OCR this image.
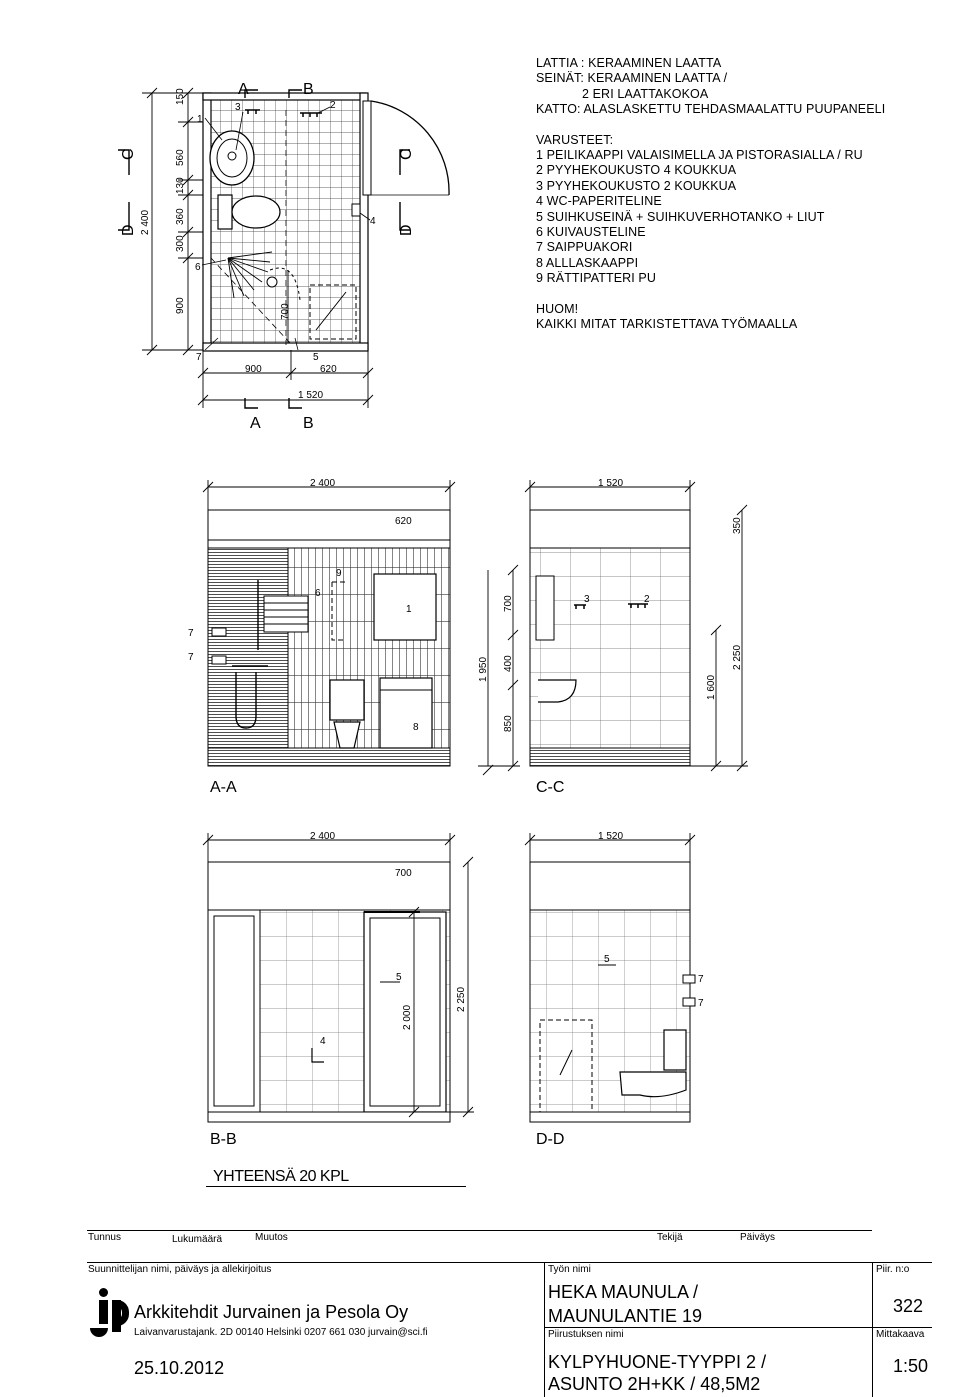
A	B
A	B
C
D
C
D
150
560
130
360
300
900
2 400
900	620
1 520
700
1
3	2
4
6
7	5
LATTIA : KERAAMINEN LAATTA
SEINÄT: KERAAMINEN LAATTA /
2 ERI LAATTAKOKOA
KATTO: ALASLASKETTU TEHDASMAALATTU PUUPANEELI
VARUSTEET:
1 PEILIKAAPPI VALAISIMELLA JA PISTORASIALLA / RU
2 PYYHEKOUKUSTO 4 KOUKKUA
3 PYYHEKOUKUSTO 2 KOUKKUA
4 WC-PAPERITELINE
5 SUIHKUSEINÄ + SUIHKUVERHOTANKO + LIUT
6 KUIVAUSTELINE
7 SAIPPUAKORI
8 ALLLASKAAPPI
9 RÄTTIPATTERI PU
HUOM!
KAIKKI MITAT TARKISTETTAVA TYÖMAALLA
2 400	1 520
620	350
1 950
700
400
850
1 600
2 250
1
9
6
7
7
8
3	2
A-A	C-C
2 400	1 520
700
2 000
2 250
5
5
4
7
7
B-B	D-D
YHTEENSÄ 20 KPL
Tunnus	Lukumäärä	Muutos	Tekijä	Päiväys
Suunnittelijan nimi, päiväys ja allekirjoitus
Arkkitehdit Jurvainen ja Pesola Oy
Laivanvarustajank. 2D 00140 Helsinki 0207 661 030 jurvain@sci.fi
25.10.2012
Työn nimi
HEKA MAUNULA /
MAUNULANTIE 19
Piirustuksen nimi
KYLPYHUONE-TYYPPI 2 /
ASUNTO 2H+KK / 48,5M2
Piir. n:o
322
Mittakaava
1:50
